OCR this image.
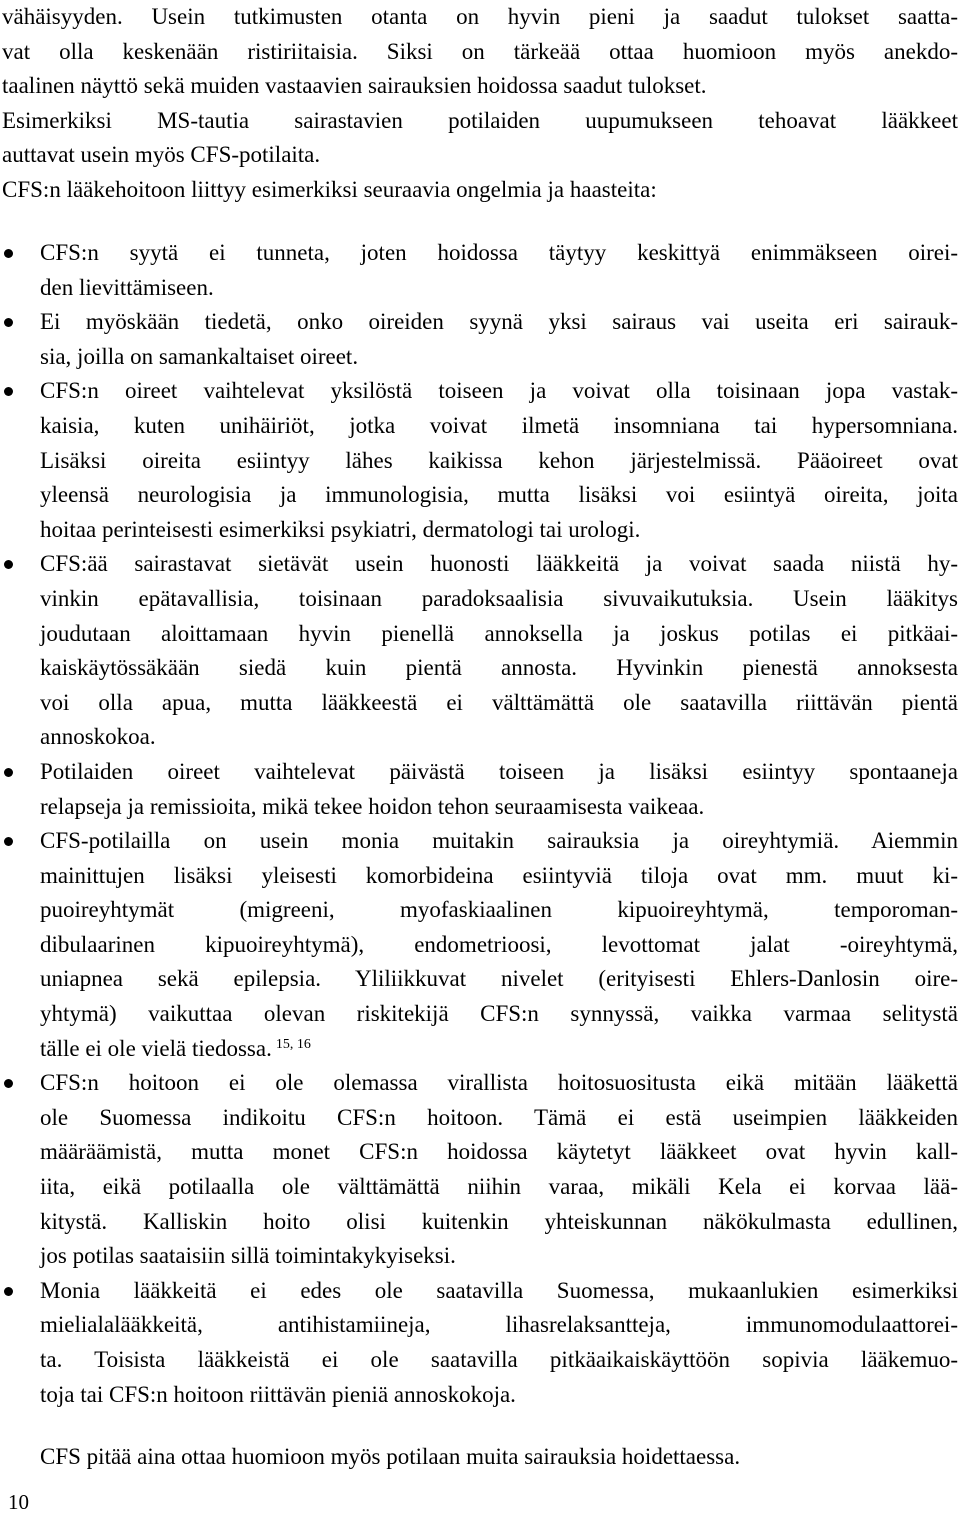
vähäisyyden. Usein tutkimusten otanta on hyvin pieni ja saadut tulokset saatta-
vat olla keskenään ristiriitaisia. Siksi on tärkeää ottaa huomioon myös anekdo-
taalinen näyttö sekä muiden vastaavien sairauksien hoidossa saadut tulokset.
Esimerkiksi MS-tautia sairastavien potilaiden uupumukseen tehoavat lääkkeet
auttavat usein myös CFS-potilaita.
CFS:n lääkehoitoon liittyy esimerkiksi seuraavia ongelmia ja haasteita:
CFS:n syytä ei tunneta, joten hoidossa täytyy keskittyä enimmäkseen oirei-
den lievittämiseen.
Ei myöskään tiedetä, onko oireiden syynä yksi sairaus vai useita eri sairauk-
sia, joilla on samankaltaiset oireet.
CFS:n oireet vaihtelevat yksilöstä toiseen ja voivat olla toisinaan jopa vastak-
kaisia, kuten unihäiriöt, jotka voivat ilmetä insomniana tai hypersomniana.
Lisäksi oireita esiintyy lähes kaikissa kehon järjestelmissä. Pääoireet ovat
yleensä neurologisia ja immunologisia, mutta lisäksi voi esiintyä oireita, joita
hoitaa perinteisesti esimerkiksi psykiatri, dermatologi tai urologi.
CFS:ää sairastavat sietävät usein huonosti lääkkeitä ja voivat saada niistä hy-
vinkin epätavallisia, toisinaan paradoksaalisia sivuvaikutuksia. Usein lääkitys
joudutaan aloittamaan hyvin pienellä annoksella ja joskus potilas ei pitkäai-
kaiskäytössäkään siedä kuin pientä annosta. Hyvinkin pienestä annoksesta
voi olla apua, mutta lääkkeestä ei välttämättä ole saatavilla riittävän pientä
annoskokoa.
Potilaiden oireet vaihtelevat päivästä toiseen ja lisäksi esiintyy spontaaneja
relapseja ja remissioita, mikä tekee hoidon tehon seuraamisesta vaikeaa.
CFS-potilailla on usein monia muitakin sairauksia ja oireyhtymiä. Aiemmin
mainittujen lisäksi yleisesti komorbideina esiintyviä tiloja ovat mm. muut ki-
puoireyhtymät (migreeni, myofaskiaalinen kipuoireyhtymä, temporoman-
dibulaarinen kipuoireyhtymä), endometrioosi, levottomat jalat -oireyhtymä,
uniapnea sekä epilepsia. Yliliikkuvat nivelet (erityisesti Ehlers-Danlosin oire-
yhtymä) vaikuttaa olevan riskitekijä CFS:n synnyssä, vaikka varmaa selitystä
tälle ei ole vielä tiedossa. $^{15, 16}$
CFS:n hoitoon ei ole olemassa virallista hoitosuositusta eikä mitään lääkettä
ole Suomessa indikoitu CFS:n hoitoon. Tämä ei estä useimpien lääkkeiden
määräämistä, mutta monet CFS:n hoidossa käytetyt lääkkeet ovat hyvin kall-
iita, eikä potilaalla ole välttämättä niihin varaa, mikäli Kela ei korvaa lää-
kitystä. Kalliskin hoito olisi kuitenkin yhteiskunnan näkökulmasta edullinen,
jos potilas saataisiin sillä toimintakykyiseksi.
Monia lääkkeitä ei edes ole saatavilla Suomessa, mukaanlukien esimerkiksi
mielialalääkkeitä, antihistamiineja, lihasrelaksantteja, immunomodulaattorei-
ta. Toisista lääkkeistä ei ole saatavilla pitkäaikaiskäyttöön sopivia lääkemuo-
toja tai CFS:n hoitoon riittävän pieniä annoskokoja.
CFS pitää aina ottaa huomioon myös potilaan muita sairauksia hoidettaessa.
10
